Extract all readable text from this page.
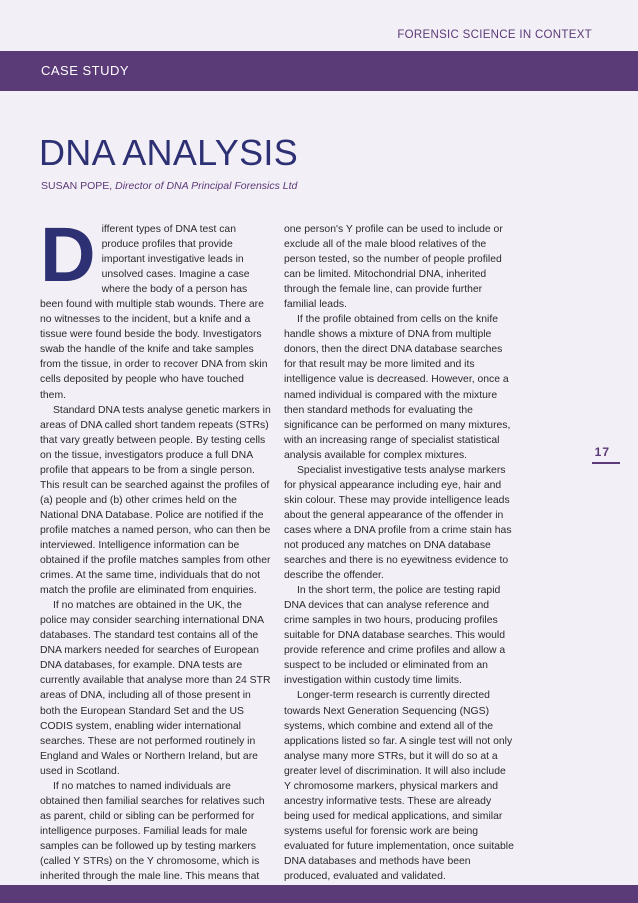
FORENSIC SCIENCE IN CONTEXT
CASE STUDY
DNA ANALYSIS
SUSAN POPE, Director of DNA Principal Forensics Ltd

Different types of DNA test can produce profiles that provide important investigative leads in unsolved cases. Imagine a case where the body of a person has been found with multiple stab wounds. There are no witnesses to the incident, but a knife and a tissue were found beside the body. Investigators swab the handle of the knife and take samples from the tissue, in order to recover DNA from skin cells deposited by people who have touched them.

Standard DNA tests analyse genetic markers in areas of DNA called short tandem repeats (STRs) that vary greatly between people. By testing cells on the tissue, investigators produce a full DNA profile that appears to be from a single person. This result can be searched against the profiles of (a) people and (b) other crimes held on the National DNA Database. Police are notified if the profile matches a named person, who can then be interviewed. Intelligence information can be obtained if the profile matches samples from other crimes. At the same time, individuals that do not match the profile are eliminated from enquiries.

If no matches are obtained in the UK, the police may consider searching international DNA databases. The standard test contains all of the DNA markers needed for searches of European DNA databases, for example. DNA tests are currently available that analyse more than 24 STR areas of DNA, including all of those present in both the European Standard Set and the US CODIS system, enabling wider international searches. These are not performed routinely in England and Wales or Northern Ireland, but are used in Scotland.

If no matches to named individuals are obtained then familial searches for relatives such as parent, child or sibling can be performed for intelligence purposes. Familial leads for male samples can be followed up by testing markers (called Y STRs) on the Y chromosome, which is inherited through the male line. This means that

one person's Y profile can be used to include or exclude all of the male blood relatives of the person tested, so the number of people profiled can be limited. Mitochondrial DNA, inherited through the female line, can provide further familial leads.

If the profile obtained from cells on the knife handle shows a mixture of DNA from multiple donors, then the direct DNA database searches for that result may be more limited and its intelligence value is decreased. However, once a named individual is compared with the mixture then standard methods for evaluating the significance can be performed on many mixtures, with an increasing range of specialist statistical analysis available for complex mixtures.

Specialist investigative tests analyse markers for physical appearance including eye, hair and skin colour. These may provide intelligence leads about the general appearance of the offender in cases where a DNA profile from a crime stain has not produced any matches on DNA database searches and there is no eyewitness evidence to describe the offender.

In the short term, the police are testing rapid DNA devices that can analyse reference and crime samples in two hours, producing profiles suitable for DNA database searches. This would provide reference and crime profiles and allow a suspect to be included or eliminated from an investigation within custody time limits.

Longer-term research is currently directed towards Next Generation Sequencing (NGS) systems, which combine and extend all of the applications listed so far. A single test will not only analyse many more STRs, but it will do so at a greater level of discrimination. It will also include Y chromosome markers, physical markers and ancestry informative tests. These are already being used for medical applications, and similar systems useful for forensic work are being evaluated for future implementation, once suitable DNA databases and methods have been produced, evaluated and validated.

17
